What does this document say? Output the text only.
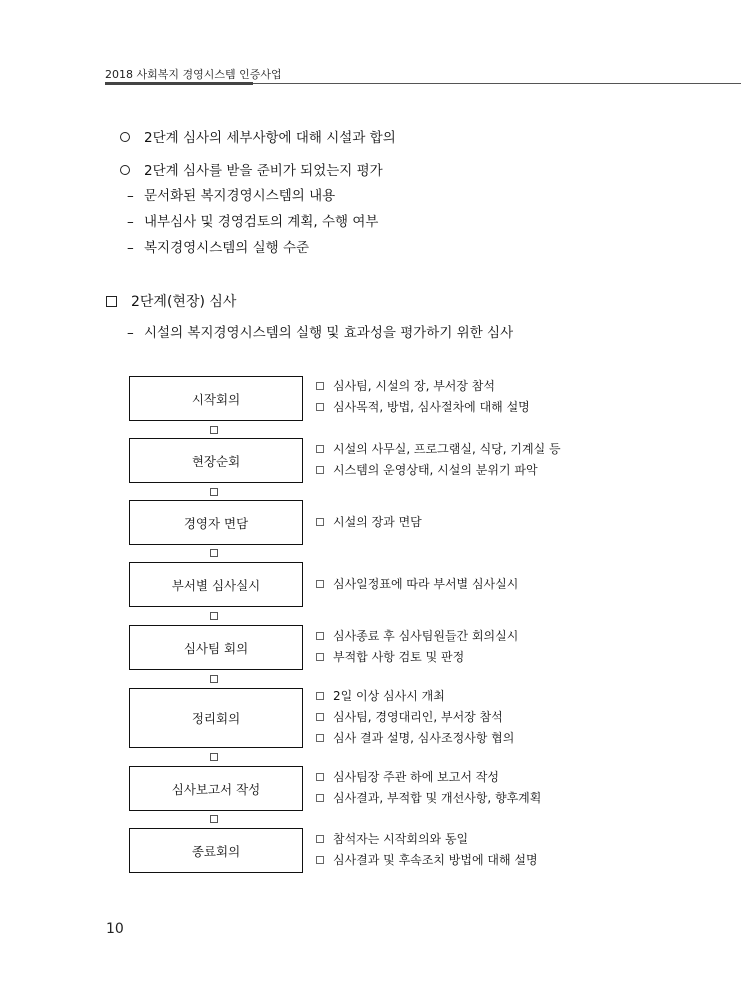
2018 사회복지 경영시스템 인증사업
2단계 심사의 세부사항에 대해 시설과 합의
2단계 심사를 받을 준비가 되었는지 평가
– 문서화된 복지경영시스템의 내용
– 내부심사 및 경영검토의 계획, 수행 여부
– 복지경영시스템의 실행 수준
2단계(현장) 심사
– 시설의 복지경영시스템의 실행 및 효과성을 평가하기 위한 심사
시작회의
심사팀, 시설의 장, 부서장 참석
심사목적, 방법, 심사절차에 대해 설명
현장순회
시설의 사무실, 프로그램실, 식당, 기계실 등
시스템의 운영상태, 시설의 분위기 파악
경영자 면담	시설의 장과 면담
부서별 심사실시	심사일정표에 따라 부서별 심사실시
심사팀 회의
심사종료 후 심사팀원들간 회의실시
부적합 사항 검토 및 판정
정리회의
2일 이상 심사시 개최
심사팀, 경영대리인, 부서장 참석
심사 결과 설명, 심사조정사항 협의
심사보고서 작성
심사팀장 주관 하에 보고서 작성
심사결과, 부적합 및 개선사항, 향후계획
종료회의
참석자는 시작회의와 동일
심사결과 및 후속조치 방법에 대해 설명
10
